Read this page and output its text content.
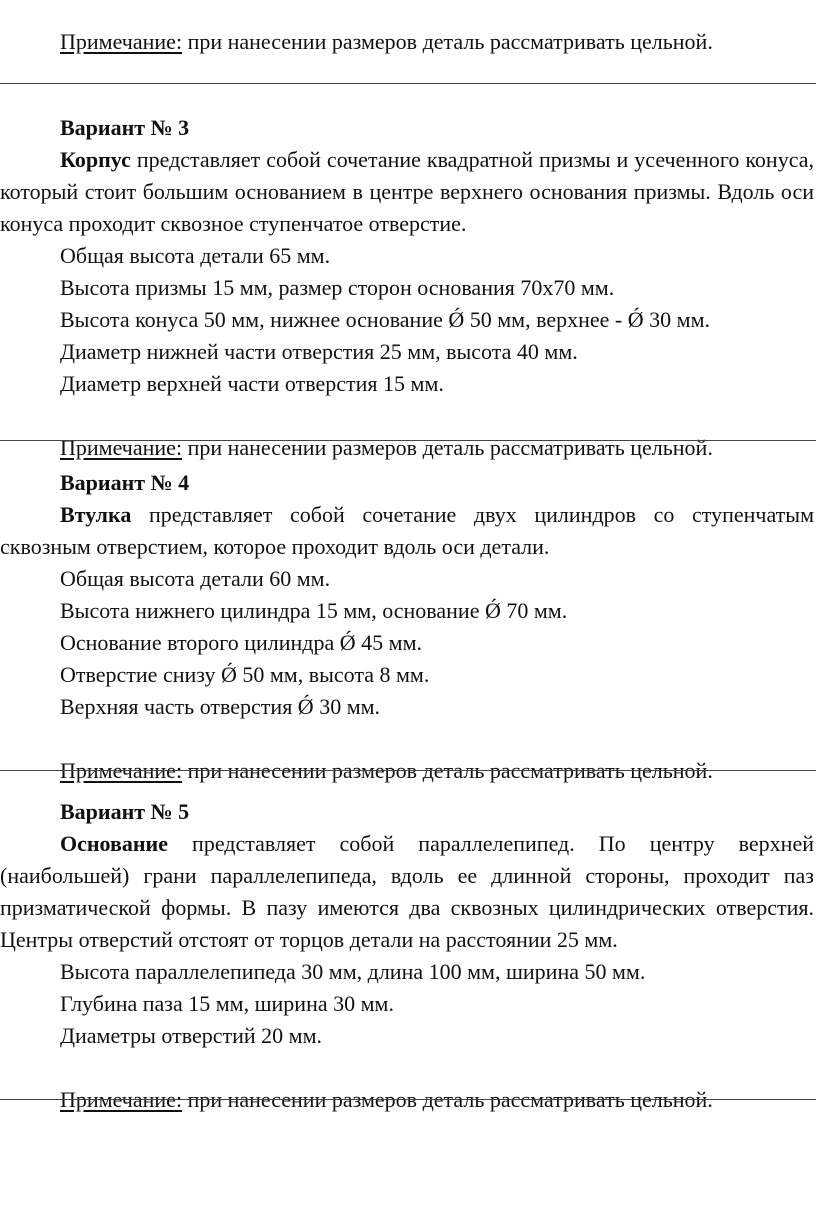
Примечание: при нанесении размеров деталь рассматривать цельной.
Вариант № 3

Корпус представляет собой сочетание квадратной призмы и усеченного конуса, который стоит большим основанием в центре верхнего основания призмы. Вдоль оси конуса проходит сквозное ступенчатое отверстие.

Общая высота детали 65 мм.
Высота призмы 15 мм, размер сторон основания 70х70 мм.
Высота конуса 50 мм, нижнее основание Ǿ 50 мм, верхнее - Ǿ 30 мм.
Диаметр нижней части отверстия 25 мм, высота 40 мм.
Диаметр верхней части отверстия 15 мм.
Примечание: при нанесении размеров деталь рассматривать цельной.
Вариант № 4

Втулка представляет собой сочетание двух цилиндров со ступенчатым сквозным отверстием, которое проходит вдоль оси детали.

Общая высота детали 60 мм.
Высота нижнего цилиндра 15 мм, основание Ǿ 70 мм.
Основание второго цилиндра Ǿ 45 мм.
Отверстие снизу Ǿ 50 мм, высота 8 мм.
Верхняя часть отверстия Ǿ 30 мм.
Примечание: при нанесении размеров деталь рассматривать цельной.
Вариант № 5

Основание представляет собой параллелепипед. По центру верхней (наибольшей) грани параллелепипеда, вдоль ее длинной стороны, проходит паз призматической формы. В пазу имеются два сквозных цилиндрических отверстия. Центры отверстий отстоят от торцов детали на расстоянии 25 мм.

Высота параллелепипеда 30 мм, длина 100 мм, ширина 50 мм.
Глубина паза 15 мм, ширина 30 мм.
Диаметры отверстий 20 мм.
Примечание: при нанесении размеров деталь рассматривать цельной.
